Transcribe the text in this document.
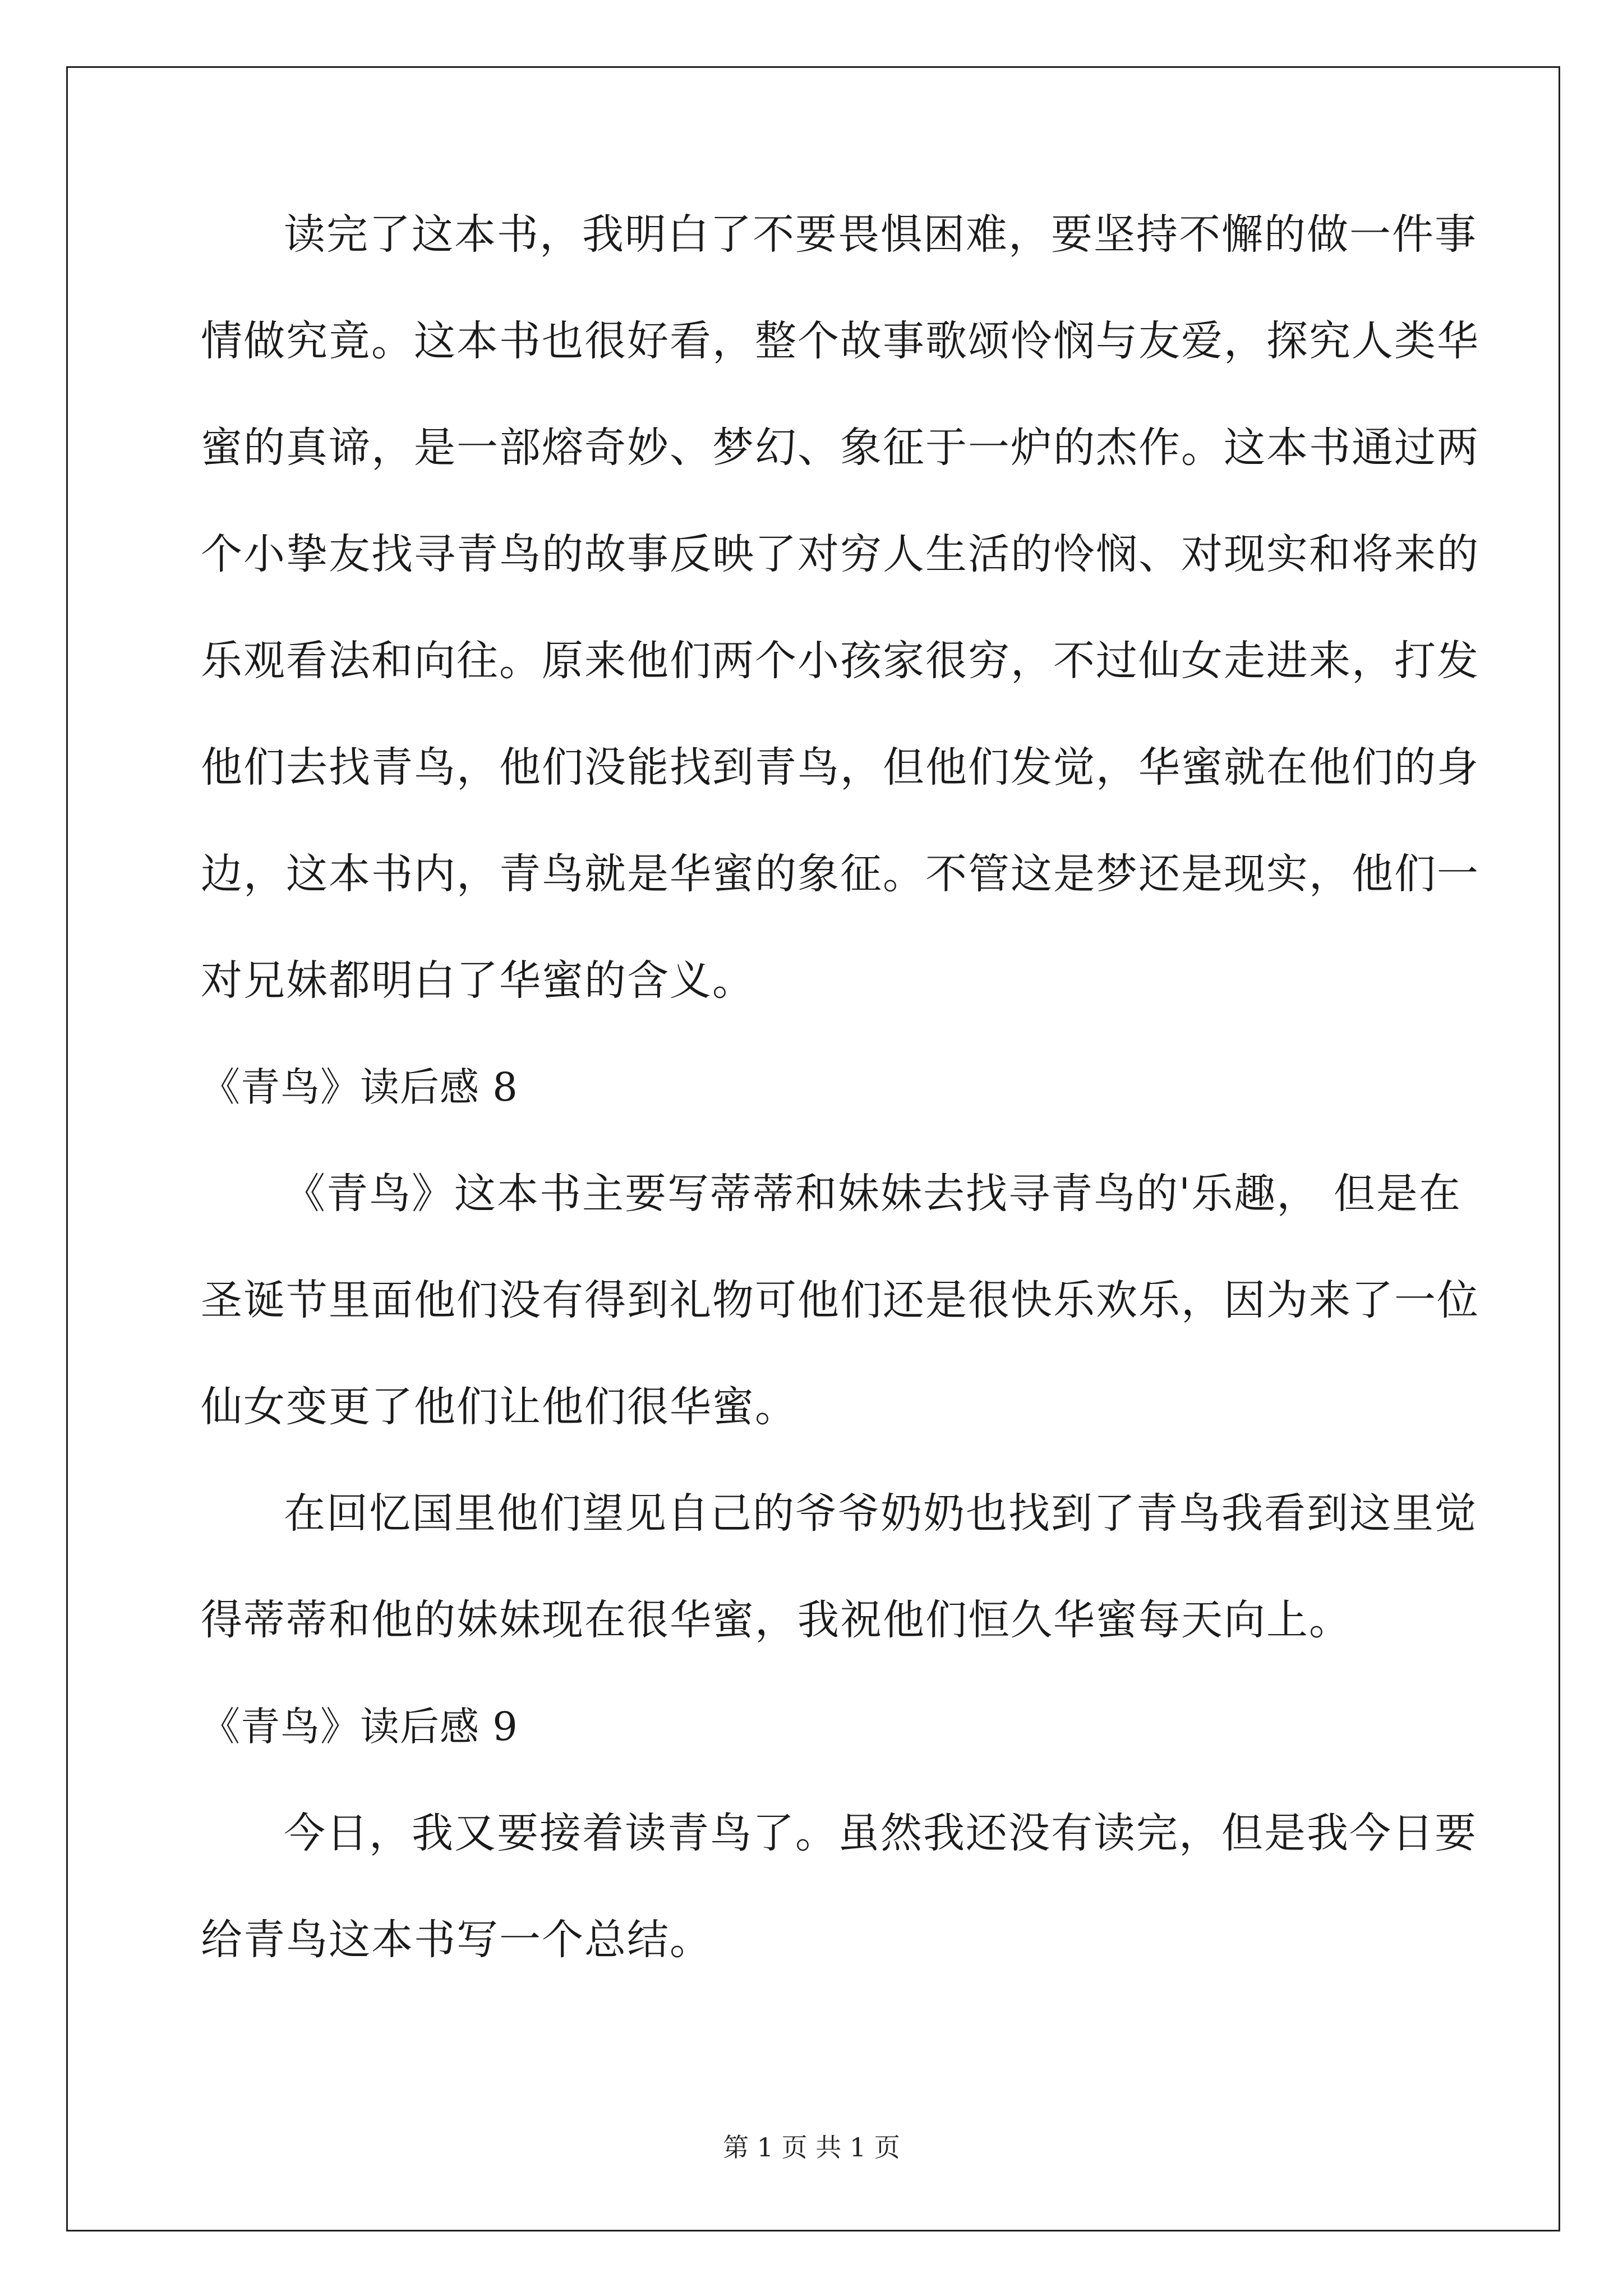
读完了这本书，我明白了不要畏惧困难，要坚持不懈的做一件事
情做究竟。这本书也很好看，整个故事歌颂怜悯与友爱，探究人类华
蜜的真谛，是一部熔奇妙、梦幻、象征于一炉的杰作。这本书通过两
个小挚友找寻青鸟的故事反映了对穷人生活的怜悯、对现实和将来的
乐观看法和向往。原来他们两个小孩家很穷，不过仙女走进来，打发
他们去找青鸟，他们没能找到青鸟，但他们发觉，华蜜就在他们的身
边，这本书内，青鸟就是华蜜的象征。不管这是梦还是现实，他们一
对兄妹都明白了华蜜的含义。
《青鸟》读后感 8
《青鸟》这本书主要写蒂蒂和妹妹去找寻青鸟的'乐趣， 但是在
圣诞节里面他们没有得到礼物可他们还是很快乐欢乐，因为来了一位
仙女变更了他们让他们很华蜜。
在回忆国里他们望见自己的爷爷奶奶也找到了青鸟我看到这里觉
得蒂蒂和他的妹妹现在很华蜜，我祝他们恒久华蜜每天向上。
《青鸟》读后感 9
今日，我又要接着读青鸟了。虽然我还没有读完，但是我今日要
给青鸟这本书写一个总结。
第 1 页 共 1 页
